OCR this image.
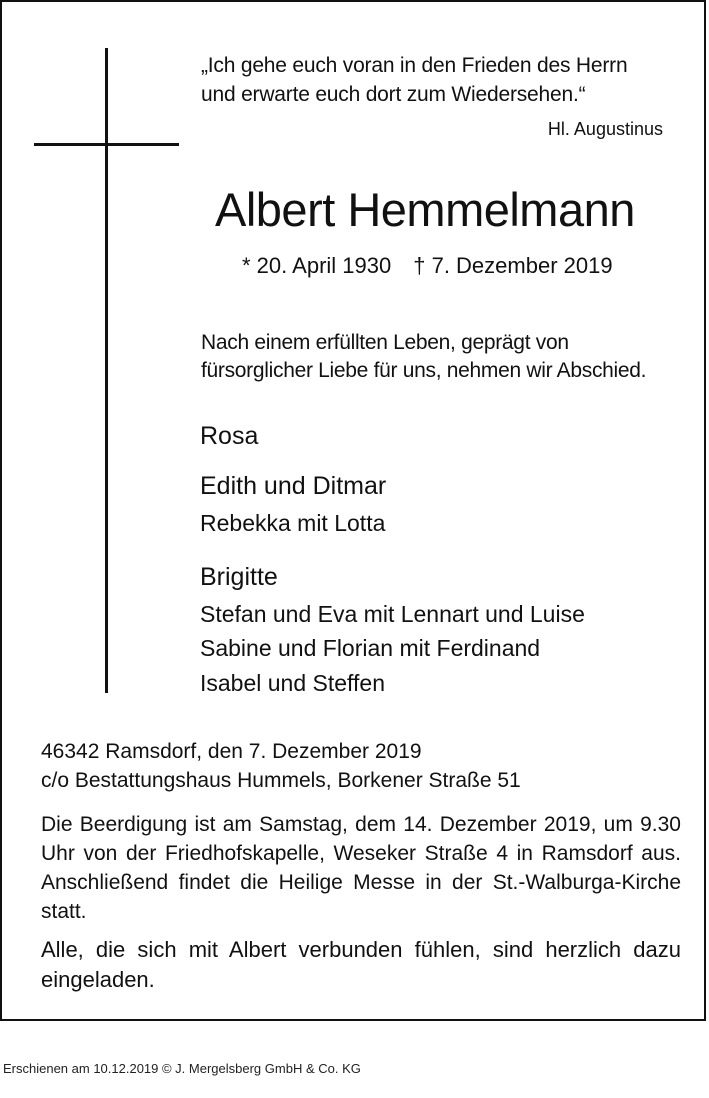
„Ich gehe euch voran in den Frieden des Herrn
und erwarte euch dort zum Wiedersehen.“
Hl. Augustinus
Albert Hemmelmann
* 20. April 1930 † 7. Dezember 2019
Nach einem erfüllten Leben, geprägt von
fürsorglicher Liebe für uns, nehmen wir Abschied.
Rosa
Edith und Ditmar
Rebekka mit Lotta
Brigitte
Stefan und Eva mit Lennart und Luise
Sabine und Florian mit Ferdinand
Isabel und Steffen
46342 Ramsdorf, den 7. Dezember 2019
c/o Bestattungshaus Hummels, Borkener Straße 51
Die Beerdigung ist am Samstag, dem 14. Dezember 2019, um 9.30 Uhr von der Friedhofskapelle, Weseker Straße 4 in Ramsdorf aus. Anschließend findet die Heilige Messe in der St.-Walburga-Kirche statt.
Alle, die sich mit Albert verbunden fühlen, sind herzlich dazu eingeladen.
Erschienen am 10.12.2019 © J. Mergelsberg GmbH & Co. KG
